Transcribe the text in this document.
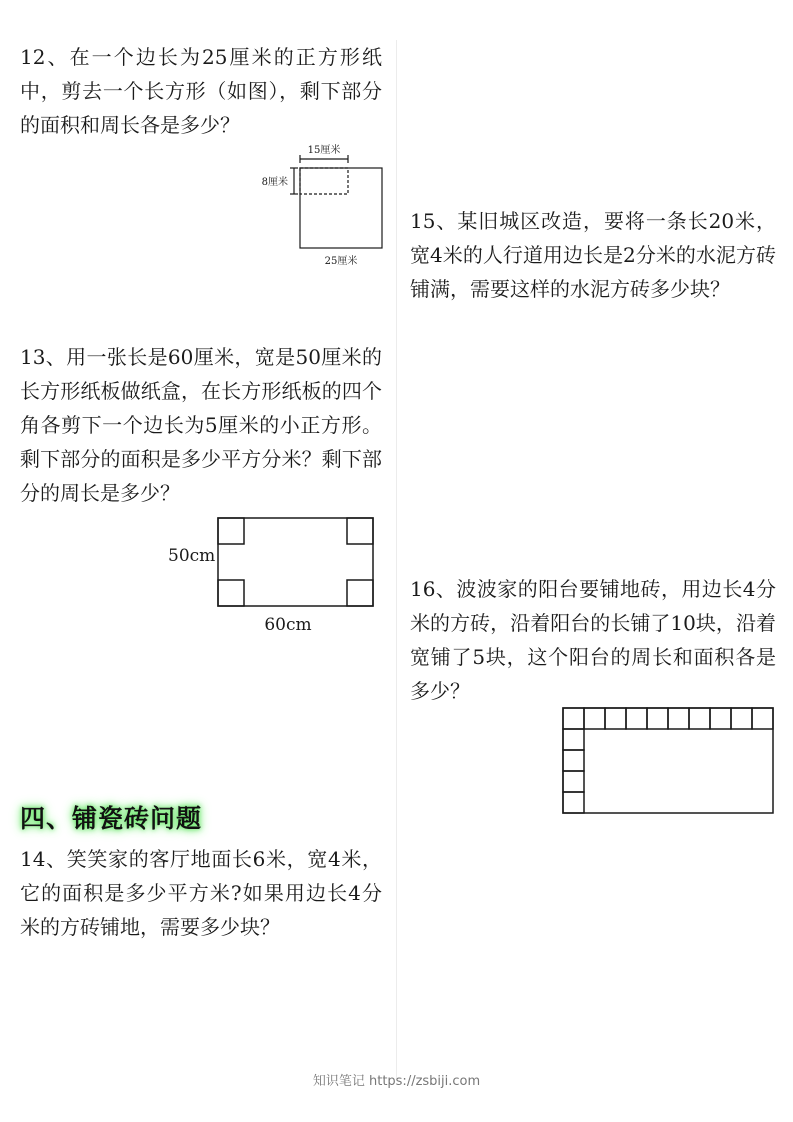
12、在一个边长为25厘米的正方形纸中，剪去一个长方形（如图），剩下部分的面积和周长各是多少？

15厘米
8厘米
25厘米

13、用一张长是60厘米，宽是50厘米的长方形纸板做纸盒，在长方形纸板的四个角各剪下一个边长为5厘米的小正方形。剩下部分的面积是多少平方分米？剩下部分的周长是多少？

50cm
60cm
四、铺瓷砖问题

14、笑笑家的客厅地面长6米，宽4米，它的面积是多少平方米?如果用边长4分米的方砖铺地，需要多少块？

15、某旧城区改造，要将一条长20米，宽4米的人行道用边长是2分米的水泥方砖铺满，需要这样的水泥方砖多少块？

16、波波家的阳台要铺地砖，用边长4分米的方砖，沿着阳台的长铺了10块，沿着宽铺了5块，这个阳台的周长和面积各是多少？

知识笔记 https://zsbiji.com
